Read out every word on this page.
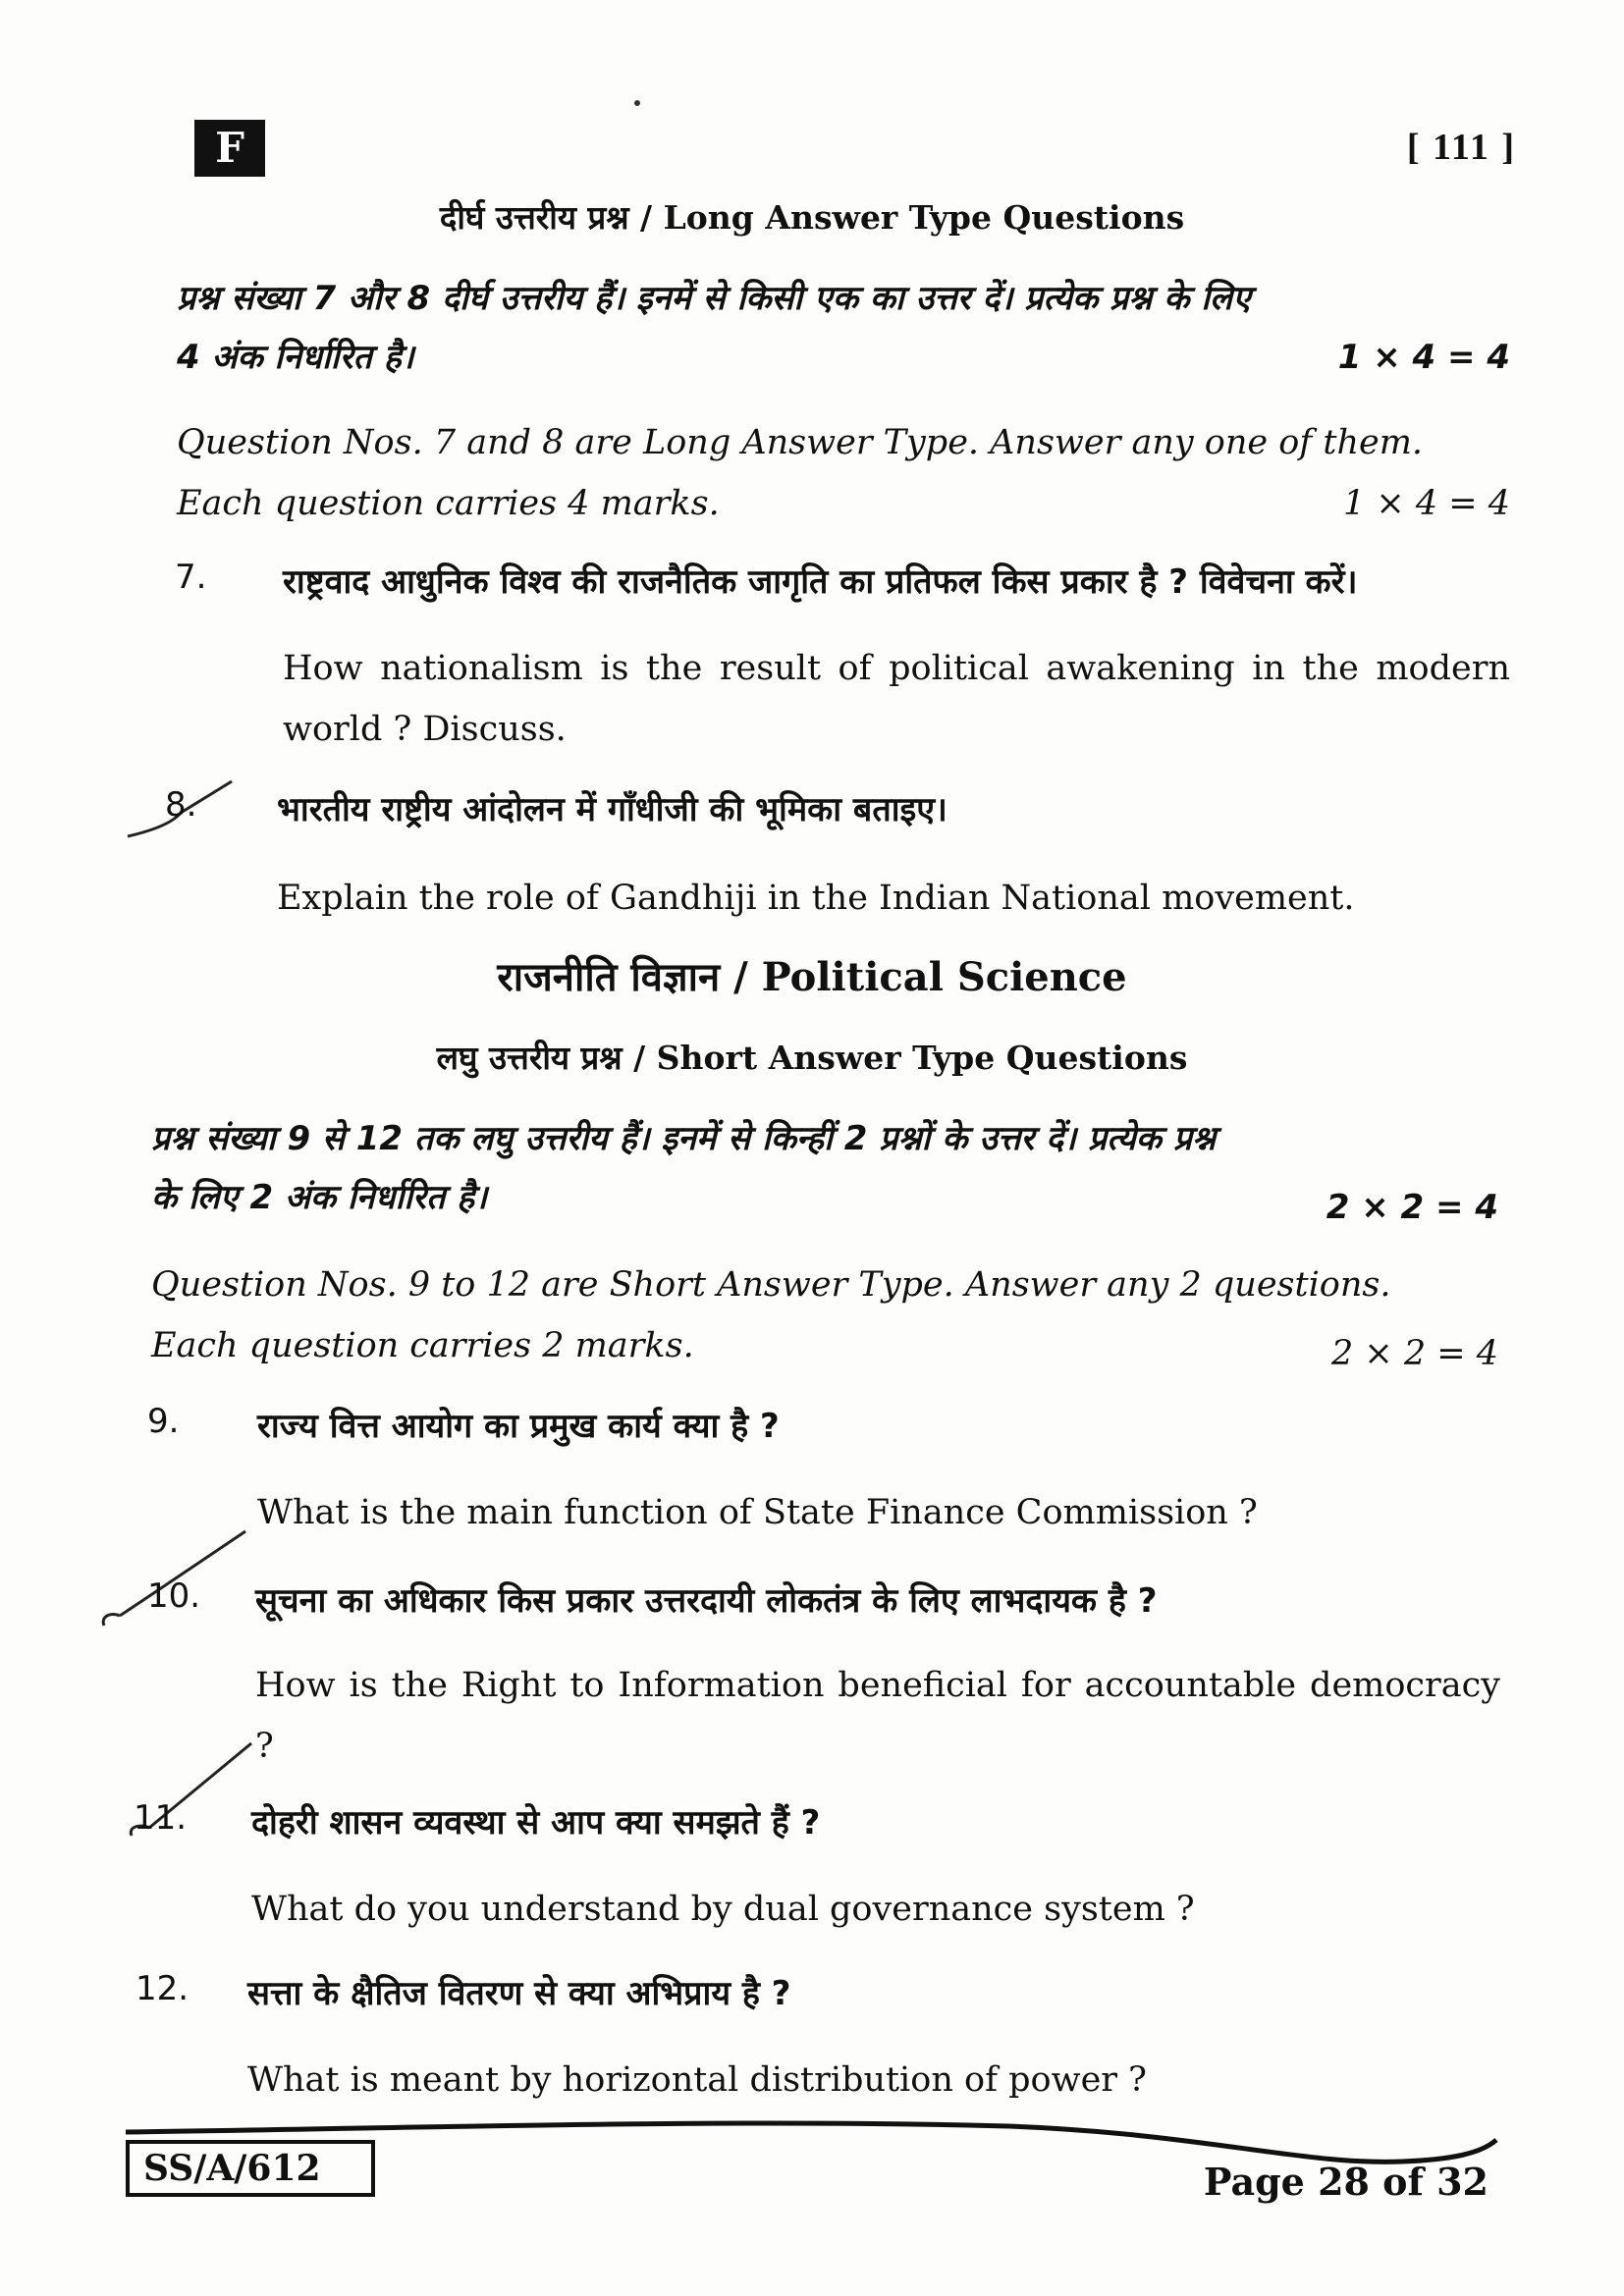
F	[ 111 ]
दीर्घ उत्तरीय प्रश्न / Long Answer Type Questions
प्रश्न संख्या 7 और 8 दीर्घ उत्तरीय हैं। इनमें से किसी एक का उत्तर दें। प्रत्येक प्रश्न के लिए
4 अंक निर्धारित है।	1 × 4 = 4
Question Nos. 7 and 8 are Long Answer Type. Answer any one of them.
Each question carries 4 marks.	1 × 4 = 4
7. राष्ट्रवाद आधुनिक विश्व की राजनैतिक जागृति का प्रतिफल किस प्रकार है ? विवेचना करें।
How nationalism is the result of political awakening in the modern world ? Discuss.
8. भारतीय राष्ट्रीय आंदोलन में गाँधीजी की भूमिका बताइए।
Explain the role of Gandhiji in the Indian National movement.
राजनीति विज्ञान / Political Science
लघु उत्तरीय प्रश्न / Short Answer Type Questions
प्रश्न संख्या 9 से 12 तक लघु उत्तरीय हैं। इनमें से किन्हीं 2 प्रश्नों के उत्तर दें। प्रत्येक प्रश्न
के लिए 2 अंक निर्धारित है।	2 × 2 = 4
Question Nos. 9 to 12 are Short Answer Type. Answer any 2 questions.
Each question carries 2 marks.	2 × 2 = 4
9. राज्य वित्त आयोग का प्रमुख कार्य क्या है ?
What is the main function of State Finance Commission ?
10. सूचना का अधिकार किस प्रकार उत्तरदायी लोकतंत्र के लिए लाभदायक है ?
How is the Right to Information beneficial for accountable democracy ?
11. दोहरी शासन व्यवस्था से आप क्या समझते हैं ?
What do you understand by dual governance system ?
12. सत्ता के क्षैतिज वितरण से क्या अभिप्राय है ?
What is meant by horizontal distribution of power ?
SS/A/612	Page 28 of 32
